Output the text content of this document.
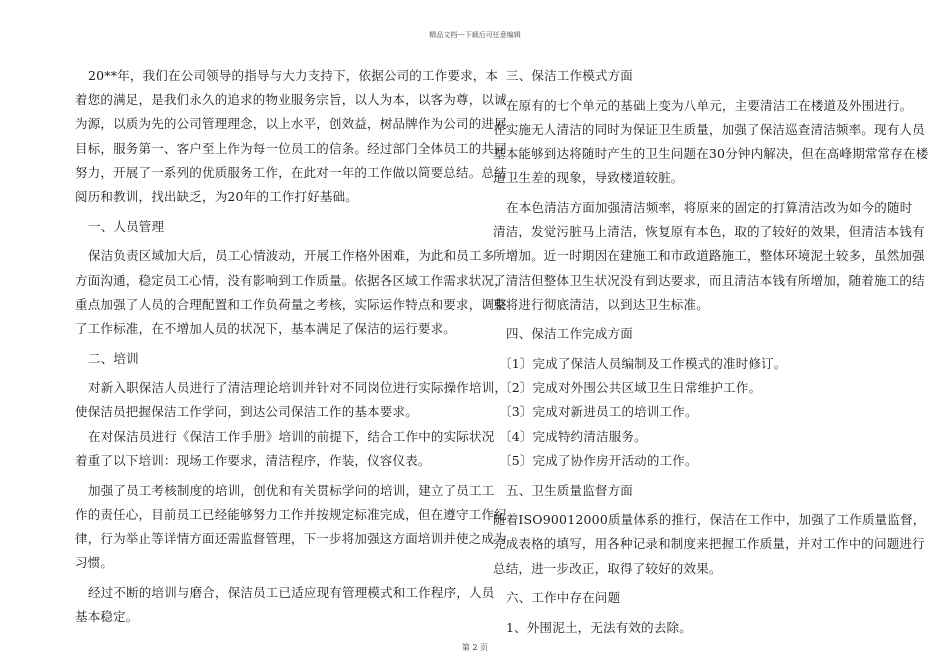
精品文档---下载后可任意编辑
20**年，我们在公司领导的指导与大力支持下，依据公司的工作要求，本
着您的满足，是我们永久的追求的物业服务宗旨，以人为本，以客为尊，以诚
为源，以质为先的公司管理理念，以上水平，创效益，树品牌作为公司的进展
目标，服务第一、客户至上作为每一位员工的信条。经过部门全体员工的共同
努力，开展了一系列的优质服务工作，在此对一年的工作做以简要总结。总结
阅历和教训，找出缺乏，为20年的工作打好基础。
一、人员管理
保洁负责区域加大后，员工心情波动，开展工作格外困难，为此和员工多
方面沟通，稳定员工心情，没有影响到工作质量。依据各区域工作需求状况，
重点加强了人员的合理配置和工作负荷量之考核，实际运作特点和要求，调整
了工作标准，在不增加人员的状况下，基本满足了保洁的运行要求。
二、培训
对新入职保洁人员进行了清洁理论培训并针对不同岗位进行实际操作培训，
使保洁员把握保洁工作学问，到达公司保洁工作的基本要求。
在对保洁员进行《保洁工作手册》培训的前提下，结合工作中的实际状况
着重了以下培训：现场工作要求，清洁程序，作装，仪容仪表。
加强了员工考核制度的培训，创优和有关贯标学问的培训，建立了员工工
作的责任心，目前员工已经能够努力工作并按规定标准完成，但在遵守工作纪
律，行为举止等详情方面还需监督管理，下一步将加强这方面培训并使之成为
习惯。
经过不断的培训与磨合，保洁员工已适应现有管理模式和工作程序，人员
基本稳定。
三、保洁工作模式方面
在原有的七个单元的基础上变为八单元，主要清洁工在楼道及外围进行。
在实施无人清洁的同时为保证卫生质量，加强了保洁巡查清洁频率。现有人员
基本能够到达将随时产生的卫生问题在30分钟内解决，但在高峰期常常存在楼
道卫生差的现象，导致楼道较脏。
在本色清洁方面加强清洁频率，将原来的固定的打算清洁改为如今的随时
清洁，发觉污脏马上清洁，恢复原有本色，取的了较好的效果，但清洁本钱有
所增加。近一时期因在建施工和市政道路施工，整体环境泥土较多，虽然加强
了清洁但整体卫生状况没有到达要求，而且清洁本钱有所增加，随着施工的结
束将进行彻底清洁，以到达卫生标准。
四、保洁工作完成方面
〔1〕完成了保洁人员编制及工作模式的准时修订。
〔2〕完成对外围公共区域卫生日常维护工作。
〔3〕完成对新进员工的培训工作。
〔4〕完成特约清洁服务。
〔5〕完成了协作房开活动的工作。
五、卫生质量监督方面
随着ISO90012000质量体系的推行，保洁在工作中，加强了工作质量监督，
完成表格的填写，用各种记录和制度来把握工作质量，并对工作中的问题进行
总结，进一步改正，取得了较好的效果。
六、工作中存在问题
1、外围泥土，无法有效的去除。
第 2 页
